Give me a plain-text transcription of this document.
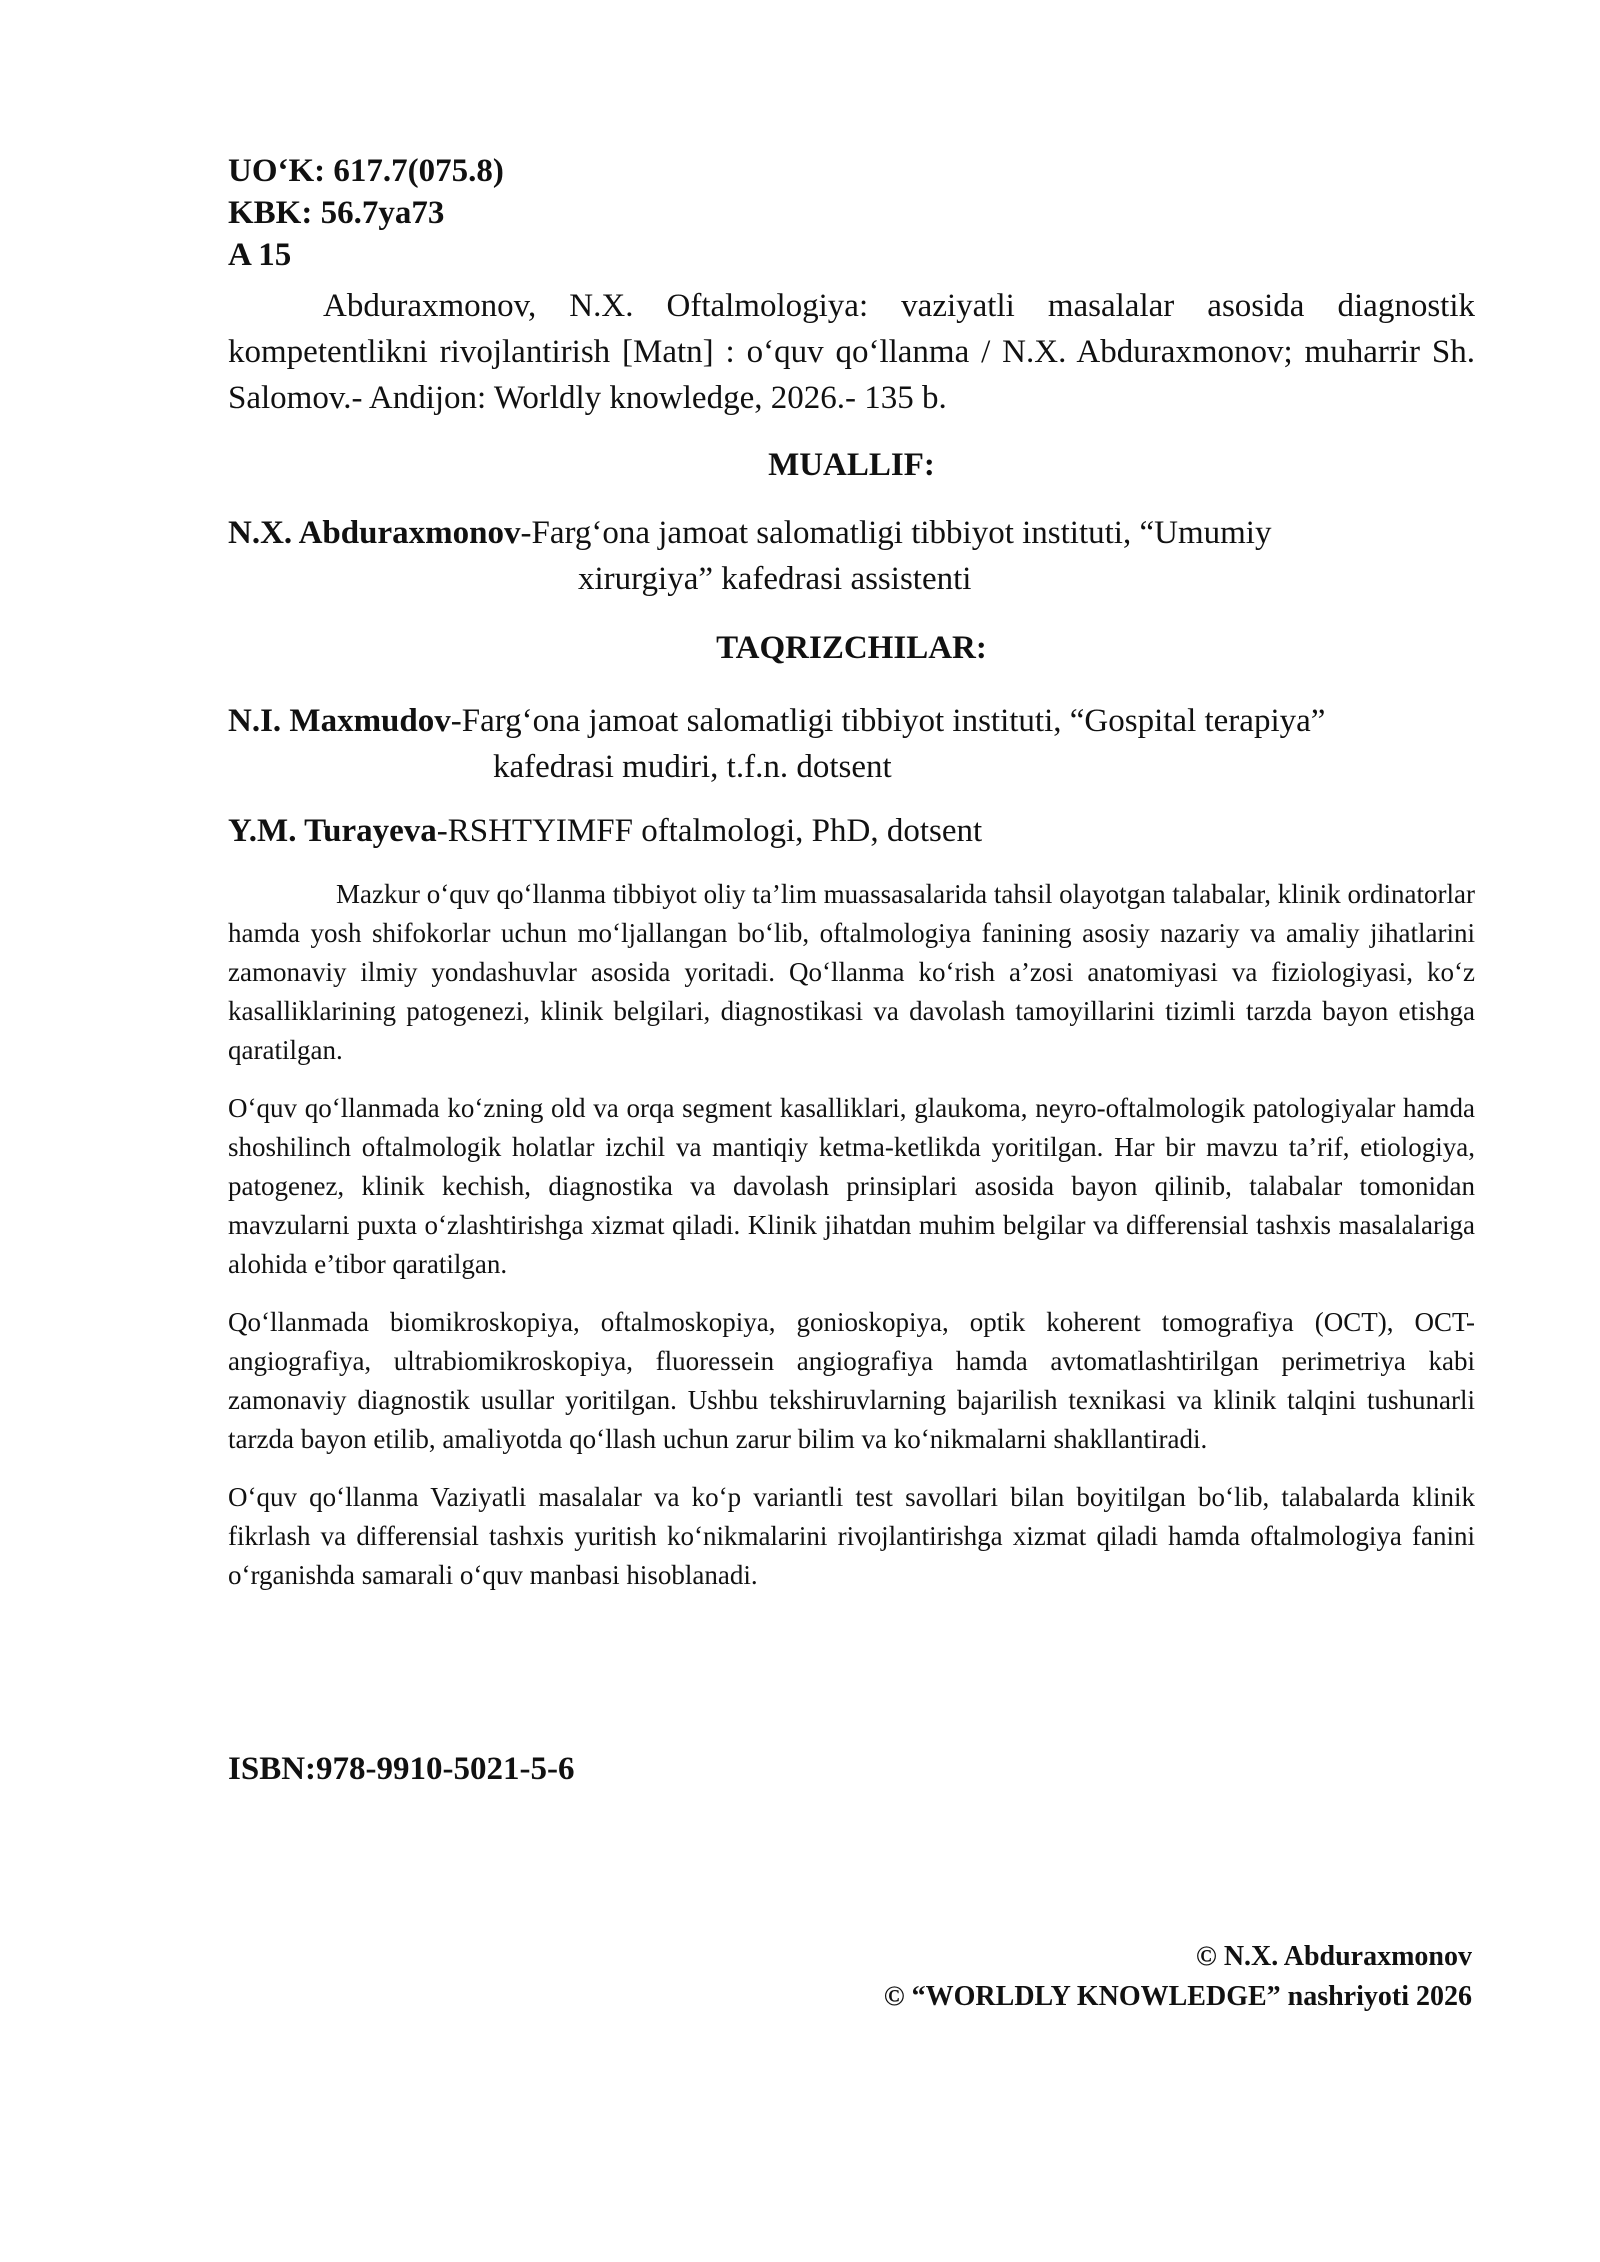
UO‘K: 617.7(075.8)
KBK: 56.7ya73
A 15

Abduraxmonov, N.X. Oftalmologiya: vaziyatli masalalar asosida diagnostik kompetentlikni rivojlantirish [Matn] : o‘quv qo‘llanma / N.X. Abduraxmonov; muharrir Sh. Salomov.- Andijon: Worldly knowledge, 2026.- 135 b.

MUALLIF:

N.X. Abduraxmonov-Farg‘ona jamoat salomatligi tibbiyot instituti, “Umumiy
xirurgiya” kafedrasi assistenti

TAQRIZCHILAR:

N.I. Maxmudov-Farg‘ona jamoat salomatligi tibbiyot instituti, “Gospital terapiya”
kafedrasi mudiri, t.f.n. dotsent

Y.M. Turayeva-RSHTYIMFF oftalmologi, PhD, dotsent

Mazkur o‘quv qo‘llanma tibbiyot oliy ta’lim muassasalarida tahsil olayotgan talabalar, klinik ordinatorlar hamda yosh shifokorlar uchun mo‘ljallangan bo‘lib, oftalmologiya fanining asosiy nazariy va amaliy jihatlarini zamonaviy ilmiy yondashuvlar asosida yoritadi. Qo‘llanma ko‘rish a’zosi anatomiyasi va fiziologiyasi, ko‘z kasalliklarining patogenezi, klinik belgilari, diagnostikasi va davolash tamoyillarini tizimli tarzda bayon etishga qaratilgan.

O‘quv qo‘llanmada ko‘zning old va orqa segment kasalliklari, glaukoma, neyro-oftalmologik patologiyalar hamda shoshilinch oftalmologik holatlar izchil va mantiqiy ketma-ketlikda yoritilgan. Har bir mavzu ta’rif, etiologiya, patogenez, klinik kechish, diagnostika va davolash prinsiplari asosida bayon qilinib, talabalar tomonidan mavzularni puxta o‘zlashtirishga xizmat qiladi. Klinik jihatdan muhim belgilar va differensial tashxis masalalariga alohida e’tibor qaratilgan.

Qo‘llanmada biomikroskopiya, oftalmoskopiya, gonioskopiya, optik koherent tomografiya (OCT), OCT-angiografiya, ultrabiomikroskopiya, fluoressein angiografiya hamda avtomatlashtirilgan perimetriya kabi zamonaviy diagnostik usullar yoritilgan. Ushbu tekshiruvlarning bajarilish texnikasi va klinik talqini tushunarli tarzda bayon etilib, amaliyotda qo‘llash uchun zarur bilim va ko‘nikmalarni shakllantiradi.

O‘quv qo‘llanma Vaziyatli masalalar va ko‘p variantli test savollari bilan boyitilgan bo‘lib, talabalarda klinik fikrlash va differensial tashxis yuritish ko‘nikmalarini rivojlantirishga xizmat qiladi hamda oftalmologiya fanini o‘rganishda samarali o‘quv manbasi hisoblanadi.

ISBN:978-9910-5021-5-6

© N.X. Abduraxmonov
© “WORLDLY KNOWLEDGE” nashriyoti 2026
